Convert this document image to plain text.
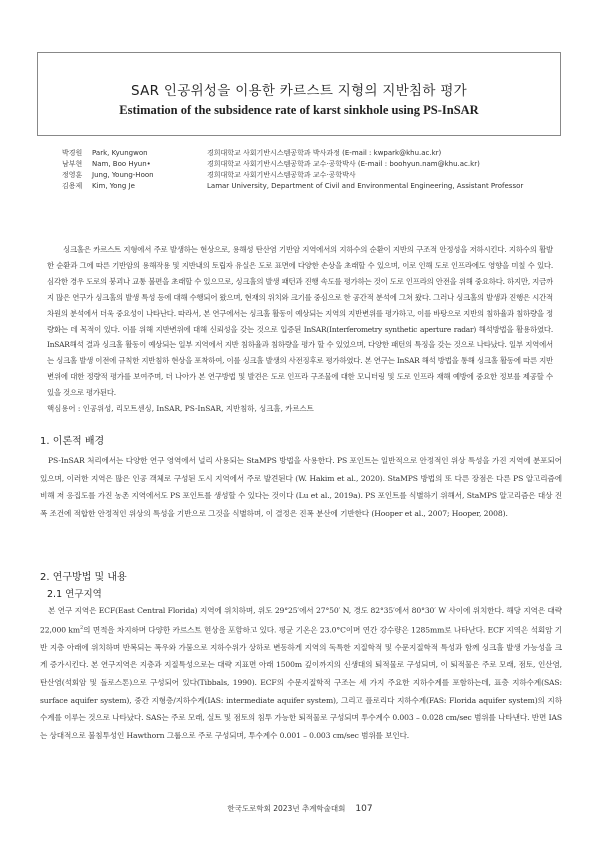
SAR 인공위성을 이용한 카르스트 지형의 지반침하 평가
Estimation of the subsidence rate of karst sinkhole using PS-InSAR
박경원 Park, Kyungwon	경희대학교 사회기반시스템공학과 박사과정 (E-mail : kwpark@khu.ac.kr)
남부현 Nam, Boo Hyun•	경희대학교 사회기반시스템공학과 교수·공학박사 (E-mail : boohyun.nam@khu.ac.kr)
정영훈 Jung, Young-Hoon	경희대학교 사회기반시스템공학과 교수·공학박사
김용제 Kim, Yong Je	Lamar University, Department of Civil and Environmental Engineering, Assistant Professor

싱크홀은 카르스트 지형에서 주로 발생하는 현상으로, 용해성 탄산염 기반암 지역에서의 지하수의 순환이 지반의 구조적 안정성을 저하시킨다. 지하수의 활발한 순환과 그에 따른 기반암의 용해작용 및 지반내의 토립자 유실은 도로 표면에 다양한 손상을 초래할 수 있으며, 이로 인해 도로 인프라에도 영향을 미칠 수 있다. 심각한 경우 도로의 붕괴나 교통 불편을 초래할 수 있으므로, 싱크홀의 발생 패턴과 진행 속도를 평가하는 것이 도로 인프라의 안전을 위해 중요하다. 하지만, 지금까지 많은 연구가 싱크홀의 발생 특성 등에 대해 수행되어 왔으며, 현재의 위치와 크기를 중심으로 한 공간적 분석에 그쳐 왔다. 그러나 싱크홀의 발생과 진행은 시간적 차원의 분석에서 더욱 중요성이 나타난다. 따라서, 본 연구에서는 싱크홀 활동이 예상되는 지역의 지반변위를 평가하고, 이를 바탕으로 지반의 침하율과 침하량을 정량화는 데 목적이 있다. 이를 위해 지반변위에 대해 신뢰성을 갖는 것으로 입증된 InSAR(Interferometry synthetic aperture radar) 해석방법을 활용하였다. InSAR해석 결과 싱크홀 활동이 예상되는 일부 지역에서 지반 침하율과 침하량을 평가 할 수 있었으며, 다양한 패턴의 특징을 갖는 것으로 나타났다. 일부 지역에서는 싱크홀 발생 이전에 규칙한 지반침하 현상을 포착하여, 이를 싱크홀 발생의 사전징후로 평가하였다. 본 연구는 InSAR 해석 방법을 통해 싱크홀 활동에 따른 지반변위에 대한 정량적 평가를 보여주며, 더 나아가 본 연구방법 및 발견은 도로 인프라 구조물에 대한 모니터링 및 도로 인프라 재해 예방에 중요한 정보를 제공할 수 있을 것으로 평가된다.

핵심용어 : 인공위성, 리모트센싱, InSAR, PS-InSAR, 지반침하, 싱크홀, 카르스트
1. 이론적 배경

PS-InSAR 처리에서는 다양한 연구 영역에서 널리 사용되는 StaMPS 방법을 사용한다. PS 포인트는 일반적으로 안정적인 위상 특성을 가진 지역에 분포되어 있으며, 이러한 지역은 많은 인공 객체로 구성된 도시 지역에서 주로 발견된다 (W. Hakim et al., 2020). StaMPS 방법의 또 다른 장점은 다른 PS 알고리즘에 비해 저 응집도를 가진 농촌 지역에서도 PS 포인트를 생성할 수 있다는 것이다 (Lu et al., 2019a). PS 포인트를 식별하기 위해서, StaMPS 알고리즘은 대상 진폭 조건에 적합한 안정적인 위상의 특성을 기반으로 그것을 식별하며, 이 결정은 진폭 분산에 기반한다 (Hooper et al., 2007; Hooper, 2008).

2. 연구방법 및 내용
2.1 연구지역

본 연구 지역은 ECF(East Central Florida) 지역에 위치하며, 위도 29°25′에서 27°50′ N, 경도 82°35′에서 80°30′ W 사이에 위치한다. 해당 지역은 대략 22,000 $km^2$의 면적을 차지하며 다양한 카르스트 현상을 포함하고 있다. 평균 기온은 23.0°C이며 연간 강수량은 1285mm로 나타난다. ECF 지역은 석회암 기반 지층 아래에 위치하며 반복되는 폭우와 가뭄으로 지하수위가 상하로 변동하게 지역의 독특한 지질학적 및 수문지질학적 특성과 함께 싱크홀 발생 가능성을 크게 증가시킨다. 본 연구지역은 지층과 지질특성으로는 대략 지표면 아래 1500m 깊이까지의 신생대의 퇴적물로 구성되며, 이 퇴적물은 주로 모래, 점토, 인산염, 탄산염(석회암 및 돌로스톤)으로 구성되어 있다(Tibbals, 1990). ECF의 수문지질학적 구조는 세 가지 주요한 지하수계를 포함하는데, 표층 지하수계(SAS: surface aquifer system), 중간 지형층/지하수계(IAS: intermediate aquifer system), 그리고 플로리다 지하수계(FAS: Florida aquifer system)의 지하수계를 이루는 것으로 나타났다. SAS는 주로 모래, 실트 및 점토의 침투 가능한 퇴적물로 구성되며 투수계수 0.003 – 0.028 cm/sec 범위를 나타낸다. 반면 IAS는 상대적으로 불침투성인 Hawthorn 그룹으로 주로 구성되며, 투수계수 0.001 – 0.003 cm/sec 범위를 보인다.

한국도로학회 2023년 추계학술대회 107
